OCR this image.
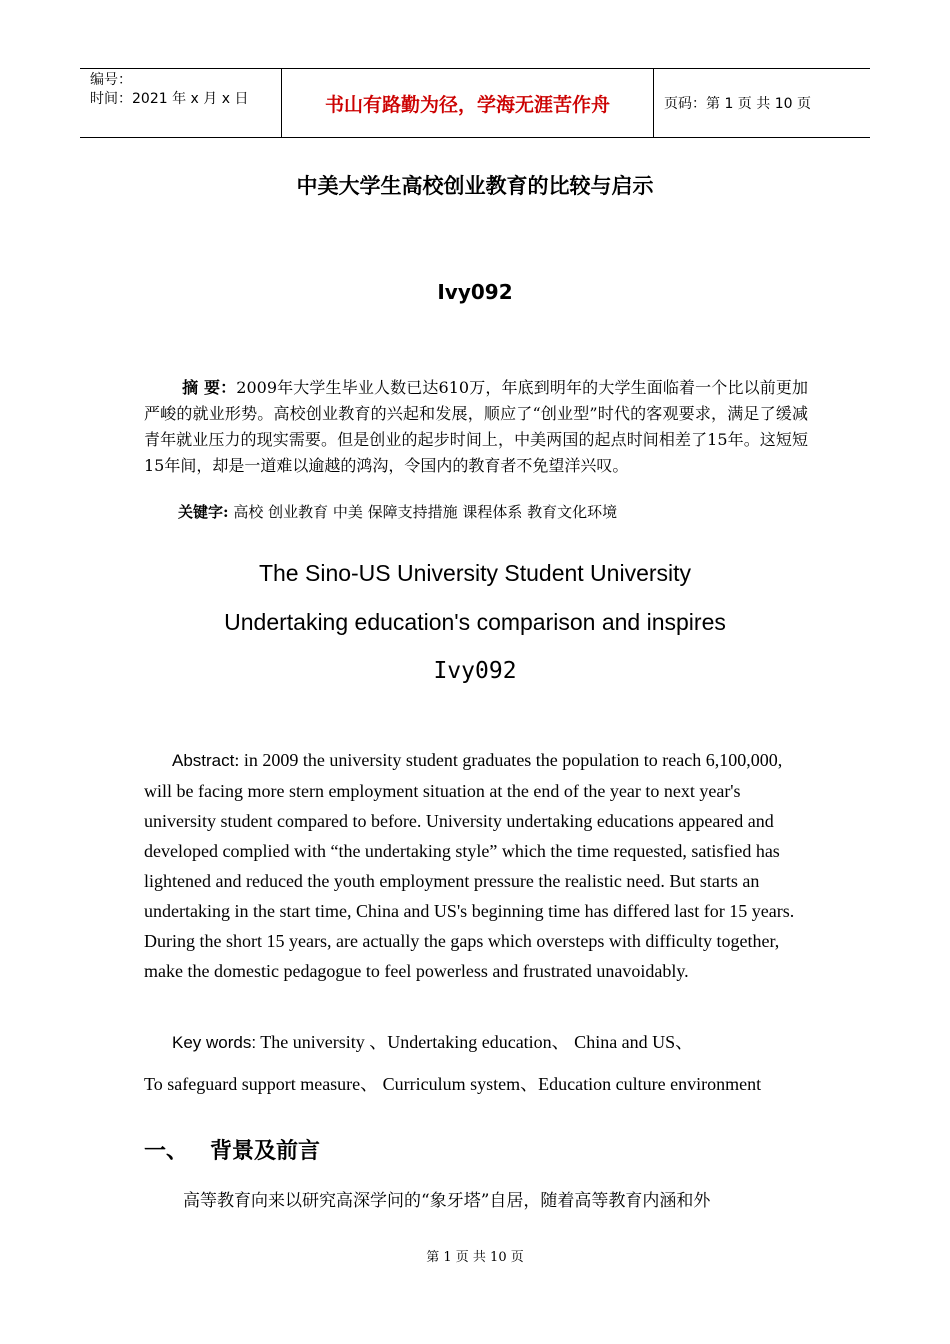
编号：
时间：2021 年 x 月 x 日	书山有路勤为径，学海无涯苦作舟	页码：第 1 页 共 10 页
中美大学生高校创业教育的比较与启示
Ivy092
摘 要：2009年大学生毕业人数已达610万，年底到明年的大学生面临着一个比以前更加严峻的就业形势。高校创业教育的兴起和发展，顺应了“创业型”时代的客观要求，满足了缓减青年就业压力的现实需要。但是创业的起步时间上，中美两国的起点时间相差了15年。这短短15年间，却是一道难以逾越的鸿沟，令国内的教育者不免望洋兴叹。
关键字: 高校 创业教育 中美 保障支持措施 课程体系 教育文化环境
The Sino-US University Student University
Undertaking education's comparison and inspires
Ivy092
Abstract: in 2009 the university student graduates the population to reach 6,100,000, will be facing more stern employment situation at the end of the year to next year's university student compared to before. University undertaking educations appeared and developed complied with “the undertaking style” which the time requested, satisfied has lightened and reduced the youth employment pressure the realistic need. But starts an undertaking in the start time, China and US's beginning time has differed last for 15 years. During the short 15 years, are actually the gaps which oversteps with difficulty together, make the domestic pedagogue to feel powerless and frustrated unavoidably.
Key words: The university 、Undertaking education、 China and US、
To safeguard support measure、 Curriculum system、Education culture environment
一、 背景及前言
高等教育向来以研究高深学问的“象牙塔”自居，随着高等教育内涵和外
第 1 页 共 10 页
